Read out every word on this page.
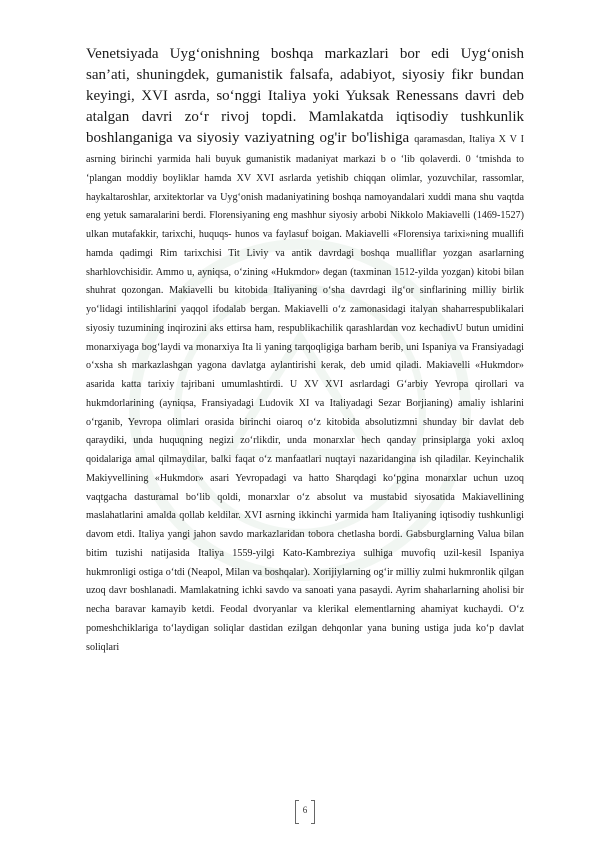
Venetsiyada Uyg‘onishning boshqa markazlari bor edi Uyg‘onish san’ati, shuningdek, gumanistik falsafa, adabiyot, siyosiy fikr bundan keyingi, XVI asrda, so‘nggi Italiya yoki Yuksak Renessans davri deb atalgan davri zo‘r rivoj topdi. Mamlakatda iqtisodiy tushkunlik boshlanganiga va siyosiy vaziyatning og'ir bo'lishiga

qaramasdan, Italiya X V I asrning birinchi yarmida hali buyuk gumanistik madaniyat markazi b o ‘lib qolaverdi. 0 ‘tmishda to ‘plangan moddiy boyliklar hamda XV XVI asrlarda yetishib chiqqan olimlar, yozuvchilar, rassomlar, haykaltaroshlar, arxitektorlar va Uyg‘onish madaniyatining boshqa namoyandalari xuddi mana shu vaqtda eng yetuk samaralarini berdi. Florensiyaning eng mashhur siyosiy arbobi Nikkolo Makiavelli (1469-1527) ulkan mutafakkir, tarixchi, huquqs- hunos va faylasuf boigan. Makiavelli «Florensiya tarixi»ning muallifi hamda qadimgi Rim tarixchisi Tit Liviy va antik davrdagi boshqa mualliflar yozgan asarlarning sharhlovchisidir. Ammo u, ayniqsa, o‘zining «Hukmdor» degan (taxminan 1512-yilda yozgan) kitobi bilan shuhrat qozongan. Makiavelli bu kitobida Italiyaning o‘sha davrdagi ilg‘or sinflarining milliy birlik yo‘lidagi intilishlarini yaqqol ifodalab bergan. Makiavelli o‘z zamonasidagi italyan shaharrespublikalari siyosiy tuzumining inqirozini aks ettirsa ham, respublikachilik qarashlardan voz kechadivU butun umidini monarxiyaga bog‘laydi va monarxiya Ita li yaning tarqoqligiga barham berib, uni Ispaniya va Fransiyadagi o‘xsha sh markazlashgan yagona davlatga aylantirishi kerak, deb umid qiladi. Makiavelli «Hukmdor» asarida katta tarixiy tajribani umumlashtirdi. U XV XVI asrlardagi G‘arbiy Yevropa qirollari va hukmdorlarining (ayniqsa, Fransiyadagi Ludovik XI va Italiyadagi Sezar Borjianing) amaliy ishlarini o‘rganib, Yevropa olimlari orasida birinchi oiaroq o‘z kitobida absolutizmni shunday bir davlat deb qaraydiki, unda huquqning negizi zo‘rlikdir, unda monarxlar hech qanday prinsiplarga yoki axloq qoidalariga amal qilmaydilar, balki faqat o‘z manfaatlari nuqtayi nazaridangina ish qiladilar. Keyinchalik Makiyvellining «Hukmdor» asari Yevropadagi va hatto Sharqdagi ko‘pgina monarxlar uchun uzoq vaqtgacha dasturamal bo‘lib qoldi, monarxlar o‘z absolut va mustabid siyosatida Makiavellining maslahatlarini amalda qollab keldilar. XVI asrning ikkinchi yarmida ham Italiyaning iqtisodiy tushkunligi davom etdi. Italiya yangi jahon savdo markazlaridan tobora chetlasha bordi. Gabsburglarning Valua bilan bitim tuzishi natijasida Italiya 1559-yilgi Kato-Kambreziya sulhiga muvofiq uzil-kesil Ispaniya hukmronligi ostiga o‘tdi (Neapol, Milan va boshqalar). Xorijiylarning og‘ir milliy zulmi hukmronlik qilgan uzoq davr boshlanadi. Mamlakatning ichki savdo va sanoati yana pasaydi. Ayrim shaharlarning aholisi bir necha baravar kamayib ketdi. Feodal dvoryanlar va klerikal elementlarning ahamiyat kuchaydi. O‘z pomeshchiklariga to‘laydigan soliqlar dastidan ezilgan dehqonlar yana buning ustiga juda ko‘p davlat soliqlari

6
